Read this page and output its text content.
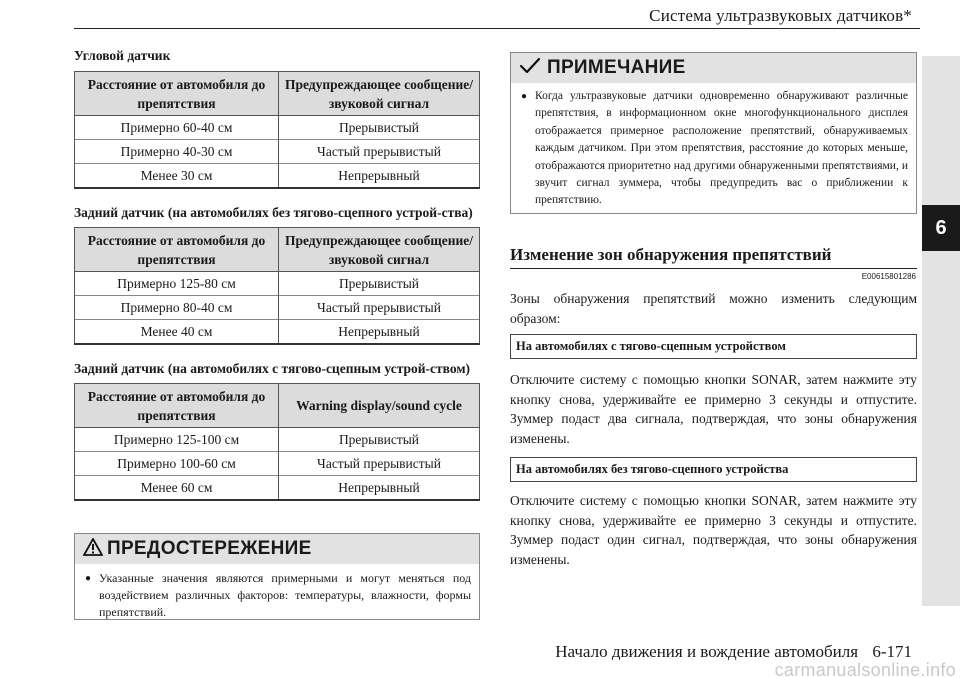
Система ультразвуковых датчиков*
6
Угловой датчик
Расстояние от автомобиля до препятствия	Предупреждающее сообщение/звуковой сигнал
Примерно 60-40 см	Прерывистый
Примерно 40-30 см	Частый прерывистый
Менее 30 см	Непрерывный
Задний датчик (на автомобилях без тягово-сцепного устрой-ства)
Расстояние от автомобиля до препятствия	Предупреждающее сообщение/звуковой сигнал
Примерно 125-80 см	Прерывистый
Примерно 80-40 см	Частый прерывистый
Менее 40 см	Непрерывный
Задний датчик (на автомобилях с тягово-сцепным устрой-ством)
Расстояние от автомобиля до препятствия	Warning display/sound cycle
Примерно 125-100 см	Прерывистый
Примерно 100-60 см	Частый прерывистый
Менее 60 см	Непрерывный
ПРЕДОСТЕРЕЖЕНИЕ
● Указанные значения являются примерными и могут меняться под воздействием различных факторов: температуры, влажности, формы препятствий.
ПРИМЕЧАНИЕ
● Когда ультразвуковые датчики одновременно обнаруживают различные препятствия, в информационном окне многофункционального дисплея отображается примерное расположение препятствий, обнаруживаемых каждым датчиком. При этом препятствия, расстояние до которых меньше, отображаются приоритетно над другими обнаруженными препятствиями, и звучит сигнал зуммера, чтобы предупредить вас о приближении к препятствию.
Изменение зон обнаружения препятствий
E00615801286
Зоны обнаружения препятствий можно изменить следующим образом:
На автомобилях с тягово-сцепным устройством
Отключите систему с помощью кнопки SONAR, затем нажмите эту кнопку снова, удерживайте ее примерно 3 секунды и отпустите. Зуммер подаст два сигнала, подтверждая, что зоны обнаружения изменены.
На автомобилях без тягово-сцепного устройства
Отключите систему с помощью кнопки SONAR, затем нажмите эту кнопку снова, удерживайте ее примерно 3 секунды и отпустите. Зуммер подаст один сигнал, подтверждая, что зоны обнаружения изменены.
Начало движения и вождение автомобиля 6-171
carmanualsonline.info
